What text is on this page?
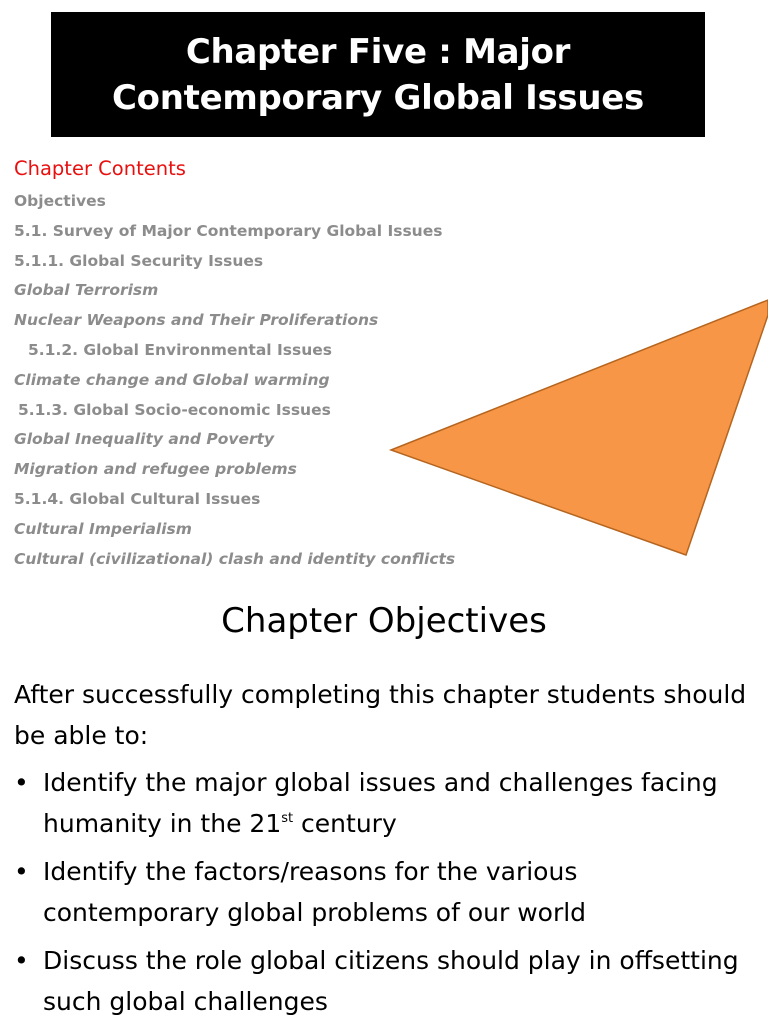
Chapter Five : Major
Contemporary Global Issues
Chapter Contents
Objectives
5.1. Survey of Major Contemporary Global Issues
5.1.1. Global Security Issues
Global Terrorism
Nuclear Weapons and Their Proliferations
5.1.2. Global Environmental Issues
Climate change and Global warming
5.1.3. Global Socio-economic Issues
Global Inequality and Poverty
Migration and refugee problems
5.1.4. Global Cultural Issues
Cultural Imperialism
Cultural (civilizational) clash and identity conflicts
Chapter Objectives
After successfully completing this chapter students should be able to:
• Identify the major global issues and challenges facing humanity in the 21st century
• Identify the factors/reasons for the various contemporary global problems of our world
• Discuss the role global citizens should play in offsetting such global challenges
